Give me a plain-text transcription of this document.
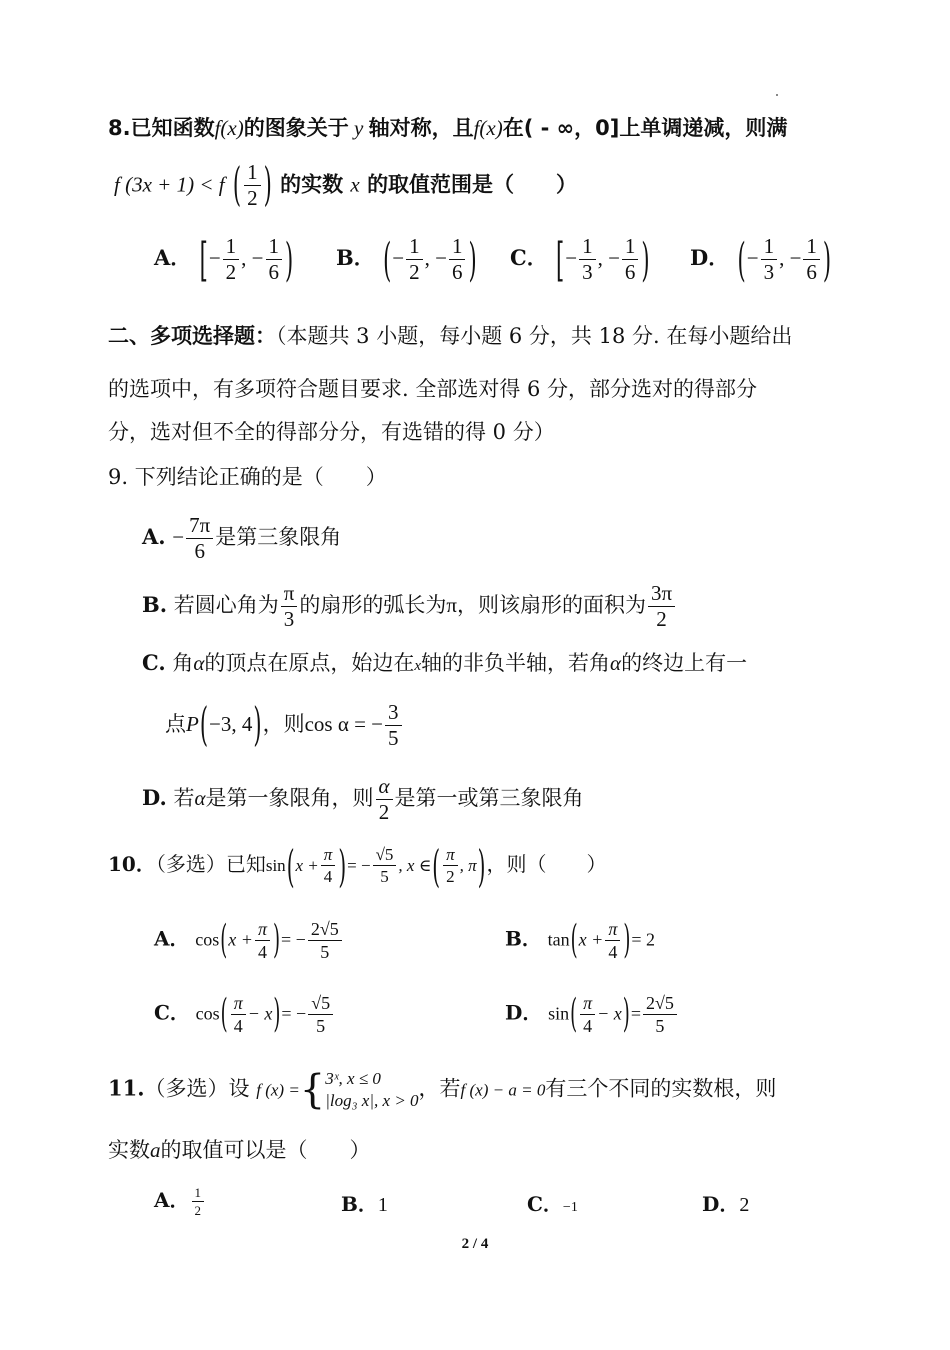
8.已知函数f(x)的图象关于 y 轴对称，且f(x)在( - ∞，0]上单调递减，则满
f (3x + 1) < f ( $\frac{1}{2}$ ) 的实数 x 的取值范围是（　　）
A． [− $\frac{1}{2}$ , − $\frac{1}{6}$ ) B． (− $\frac{1}{2}$ , − $\frac{1}{6}$ ) C． [− $\frac{1}{3}$ , − $\frac{1}{6}$ ) D． (− $\frac{1}{3}$ , − $\frac{1}{6}$ )
二、多项选择题：（本题共 3 小题，每小题 6 分，共 18 分. 在每小题给出
的选项中，有多项符合题目要求. 全部选对得 6 分，部分选对的得部分
分，选对但不全的得部分分，有选错的得 0 分）
9. 下列结论正确的是（　　）
A. − $\frac{7\pi}{6}$ 是第三象限角
B. 若圆心角为 $\frac{\pi}{3}$ 的扇形的弧长为π，则该扇形的面积为 $\frac{3\pi}{2}$
C. 角α的顶点在原点，始边在x轴的非负半轴，若角α的终边上有一
点P(−3, 4)，则cos α = − $\frac{3}{5}$
D. 若α是第一象限角，则 $\frac{\alpha}{2}$ 是第一或第三象限角
10．（多选）已知$\sin(x + \frac{\pi}{4}$ )= − $\frac{√5}{5}$ , x ∈( $\frac{\pi}{2}$ , π)，则（　　）
A． $\cos(x + \frac{\pi}{4}$ )= − $\frac{2√5}{5}$	B． $\tan(x + \frac{\pi}{4}$ )= 2
C． $\cos( \frac{\pi}{4} - x)= - \frac{√5}{5}$	D． $\sin( \frac{\pi}{4} - x)= \frac{2√5}{5}$
11.（多选）设 f (x) ={ 3ˣ, x ≤ 0
|log₃ x|, x > 0 ，若f (x) − a = 0有三个不同的实数根，则
实数a的取值可以是（　　）
A． $\frac{1}{2}$	B．1	C．−1	D．2
2 / 4
